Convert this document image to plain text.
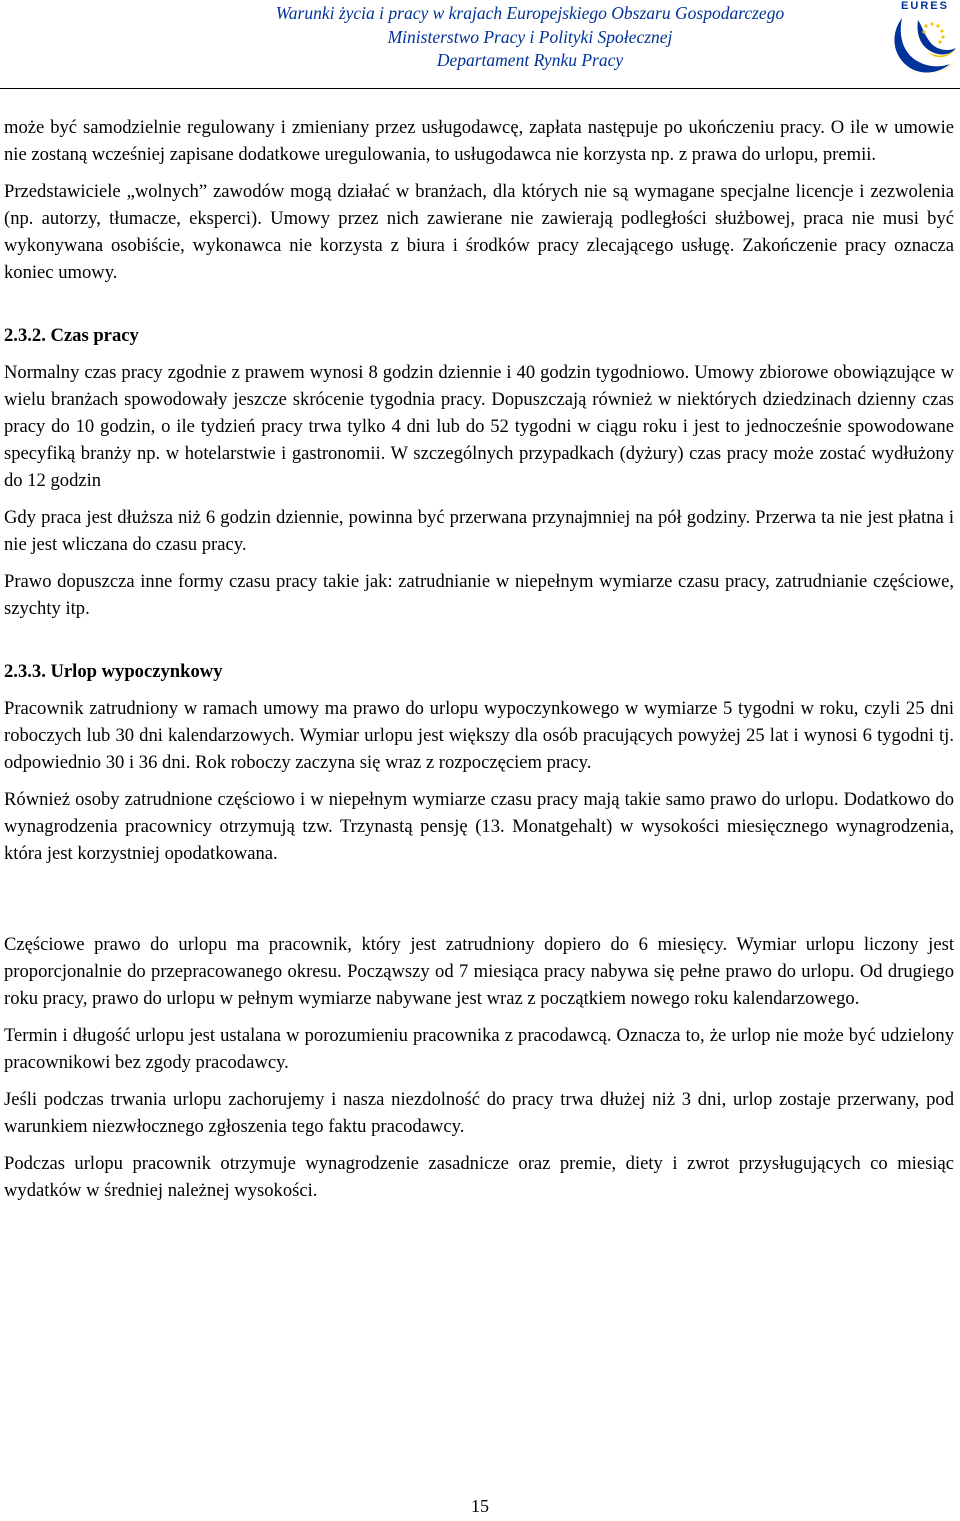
Warunki życia i pracy w krajach Europejskiego Obszaru Gospodarczego
Ministerstwo Pracy i Polityki Społecznej
Departament Rynku Pracy
EURES

może być samodzielnie regulowany i zmieniany przez usługodawcę, zapłata następuje po ukończeniu pracy. O ile w umowie nie zostaną wcześniej zapisane dodatkowe uregulowania, to usługodawca nie korzysta np. z prawa do urlopu, premii.

Przedstawiciele „wolnych” zawodów mogą działać w branżach, dla których nie są wymagane specjalne licencje i zezwolenia (np. autorzy, tłumacze, eksperci). Umowy przez nich zawierane nie zawierają podległości służbowej, praca nie musi być wykonywana osobiście, wykonawca nie korzysta z biura i środków pracy zlecającego usługę. Zakończenie pracy oznacza koniec umowy.

2.3.2. Czas pracy

Normalny czas pracy zgodnie z prawem wynosi 8 godzin dziennie i 40 godzin tygodniowo. Umowy zbiorowe obowiązujące w wielu branżach spowodowały jeszcze skrócenie tygodnia pracy. Dopuszczają również w niektórych dziedzinach dzienny czas pracy do 10 godzin, o ile tydzień pracy trwa tylko 4 dni lub do 52 tygodni w ciągu roku i jest to jednocześnie spowodowane specyfiką branży np. w hotelarstwie i gastronomii. W szczególnych przypadkach (dyżury) czas pracy może zostać wydłużony do 12 godzin

Gdy praca jest dłuższa niż 6 godzin dziennie, powinna być przerwana przynajmniej na pół godziny. Przerwa ta nie jest płatna i nie jest wliczana do czasu pracy.

Prawo dopuszcza inne formy czasu pracy takie jak: zatrudnianie w niepełnym wymiarze czasu pracy, zatrudnianie częściowe, szychty itp.

2.3.3. Urlop wypoczynkowy

Pracownik zatrudniony w ramach umowy ma prawo do urlopu wypoczynkowego w wymiarze 5 tygodni w roku, czyli 25 dni roboczych lub 30 dni kalendarzowych. Wymiar urlopu jest większy dla osób pracujących powyżej 25 lat i wynosi 6 tygodni tj. odpowiednio 30 i 36 dni. Rok roboczy zaczyna się wraz z rozpoczęciem pracy.

Również osoby zatrudnione częściowo i w niepełnym wymiarze czasu pracy mają takie samo prawo do urlopu. Dodatkowo do wynagrodzenia pracownicy otrzymują tzw. Trzynastą pensję (13. Monatgehalt) w wysokości miesięcznego wynagrodzenia, która jest korzystniej opodatkowana.

Częściowe prawo do urlopu ma pracownik, który jest zatrudniony dopiero do 6 miesięcy. Wymiar urlopu liczony jest proporcjonalnie do przepracowanego okresu. Począwszy od 7 miesiąca pracy nabywa się pełne prawo do urlopu. Od drugiego roku pracy, prawo do urlopu w pełnym wymiarze nabywane jest wraz z początkiem nowego roku kalendarzowego.

Termin i długość urlopu jest ustalana w porozumieniu pracownika z pracodawcą. Oznacza to, że urlop nie może być udzielony pracownikowi bez zgody pracodawcy.

Jeśli podczas trwania urlopu zachorujemy i nasza niezdolność do pracy trwa dłużej niż 3 dni, urlop zostaje przerwany, pod warunkiem niezwłocznego zgłoszenia tego faktu pracodawcy.

Podczas urlopu pracownik otrzymuje wynagrodzenie zasadnicze oraz premie, diety i zwrot przysługujących co miesiąc wydatków w średniej należnej wysokości.

15
